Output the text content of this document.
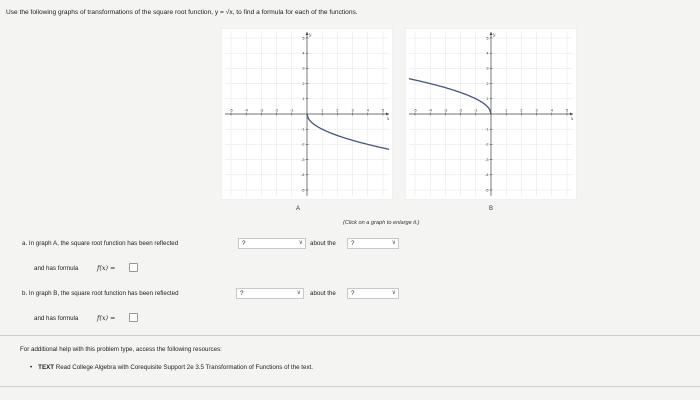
Use the following graphs of transformations of the square root function, y = √x, to find a formula for each of the functions.
-5	-4	-3	-2	-1	1	2	3	4	5
5
4
3
2
1
-1
-2
-3
-4
-5
x
y
A
-5	-4	-3	-2	-1	1	2	3	4	5
5
4
3
2
1
-1
-2
-3
-4
-5
x
y
B
(Click on a graph to enlarge it.)
a. In graph A, the square root function has been reflected	?	∨ about the	?	∨
and has formula	f(x) =
b. In graph B, the square root function has been reflected	?	∨ about the	?	∨
and has formula	f(x) =
For additional help with this problem type, access the following resources:
• TEXT Read College Algebra with Corequisite Support 2e 3.5 Transformation of Functions of the text.
